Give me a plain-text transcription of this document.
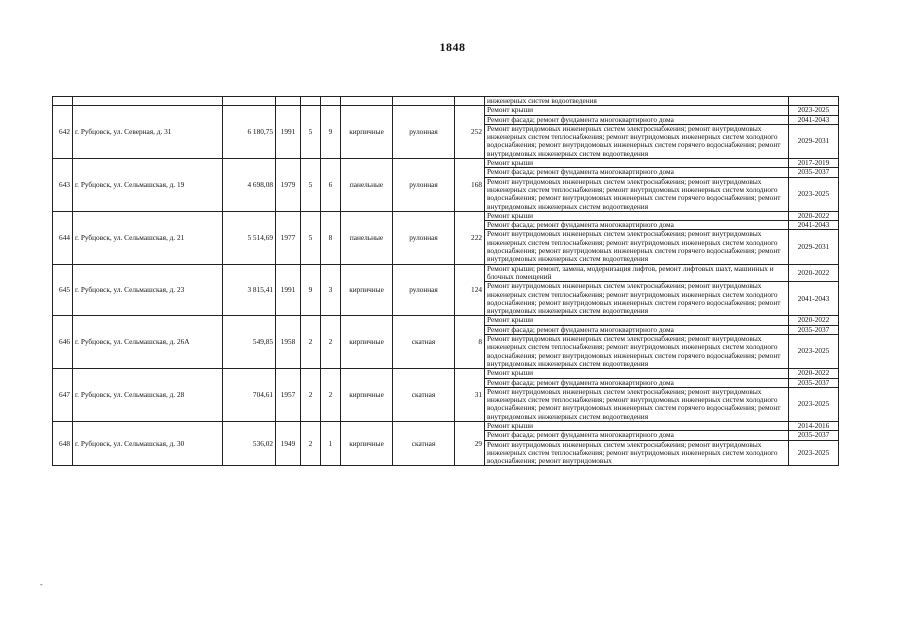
1848
									инженерных систем водоотведения	
642	г. Рубцовск, ул. Северная, д. 31	6 180,75	1991	5	9	кирпичные	рулонная	252	Ремонт крыши	2023-2025
									Ремонт фасада; ремонт фундамента многоквартирного дома	2041-2043
									Ремонт внутридомовых инженерных систем электроснабжения; ремонт внутридомовых инженерных систем теплоснабжения; ремонт внутридомовых инженерных систем холодного водоснабжения; ремонт внутридомовых инженерных систем горячего водоснабжения; ремонт внутридомовых инженерных систем водоотведения	2029-2031
643	г. Рубцовск, ул. Сельмашская, д. 19	4 698,08	1979	5	6	панельные	рулонная	168	Ремонт крыши	2017-2019
									Ремонт фасада; ремонт фундамента многоквартирного дома	2035-2037
									Ремонт внутридомовых инженерных систем электроснабжения; ремонт внутридомовых инженерных систем теплоснабжения; ремонт внутридомовых инженерных систем холодного водоснабжения; ремонт внутридомовых инженерных систем горячего водоснабжения; ремонт внутридомовых инженерных систем водоотведения	2023-2025
644	г. Рубцовск, ул. Сельмашская, д. 21	5 514,69	1977	5	8	панельные	рулонная	222	Ремонт крыши	2020-2022
									Ремонт фасада; ремонт фундамента многоквартирного дома	2041-2043
									Ремонт внутридомовых инженерных систем электроснабжения; ремонт внутридомовых инженерных систем теплоснабжения; ремонт внутридомовых инженерных систем холодного водоснабжения; ремонт внутридомовых инженерных систем горячего водоснабжения; ремонт внутридомовых инженерных систем водоотведения	2029-2031
645	г. Рубцовск, ул. Сельмашская, д. 23	3 815,41	1991	9	3	кирпичные	рулонная	124	Ремонт крыши; ремонт, замена, модернизация лифтов, ремонт лифтовых шахт, машинных и блочных помещений	2020-2022
									Ремонт внутридомовых инженерных систем электроснабжения; ремонт внутридомовых инженерных систем теплоснабжения; ремонт внутридомовых инженерных систем холодного водоснабжения; ремонт внутридомовых инженерных систем горячего водоснабжения; ремонт внутридомовых инженерных систем водоотведения	2041-2043
646	г. Рубцовск, ул. Сельмашская, д. 26А	549,85	1958	2	2	кирпичные	скатная	8	Ремонт крыши	2020-2022
									Ремонт фасада; ремонт фундамента многоквартирного дома	2035-2037
									Ремонт внутридомовых инженерных систем электроснабжения; ремонт внутридомовых инженерных систем теплоснабжения; ремонт внутридомовых инженерных систем холодного водоснабжения; ремонт внутридомовых инженерных систем горячего водоснабжения; ремонт внутридомовых инженерных систем водоотведения	2023-2025
647	г. Рубцовск, ул. Сельмашская, д. 28	704,61	1957	2	2	кирпичные	скатная	31	Ремонт крыши	2020-2022
									Ремонт фасада; ремонт фундамента многоквартирного дома	2035-2037
									Ремонт внутридомовых инженерных систем электроснабжения; ремонт внутридомовых инженерных систем теплоснабжения; ремонт внутридомовых инженерных систем холодного водоснабжения; ремонт внутридомовых инженерных систем горячего водоснабжения; ремонт внутридомовых инженерных систем водоотведения	2023-2025
648	г. Рубцовск, ул. Сельмашская, д. 30	536,02	1949	2	1	кирпичные	скатная	29	Ремонт крыши	2014-2016
									Ремонт фасада; ремонт фундамента многоквартирного дома	2035-2037
									Ремонт внутридомовых инженерных систем электроснабжения; ремонт внутридомовых инженерных систем теплоснабжения; ремонт внутридомовых инженерных систем холодного водоснабжения; ремонт внутридомовых	2023-2025
-
